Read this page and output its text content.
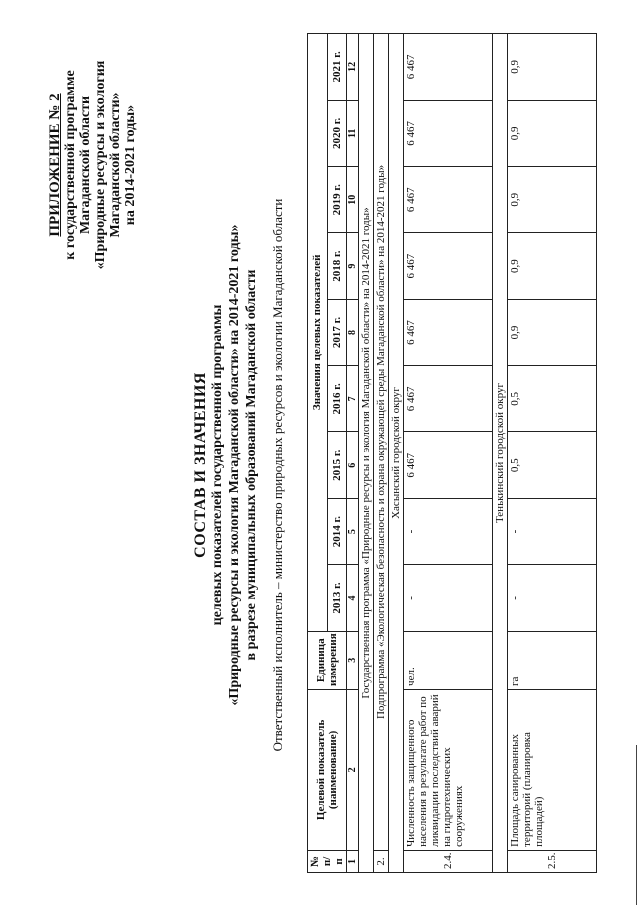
ПРИЛОЖЕНИЕ № 2 к государственной программе Магаданской области «Природные ресурсы и экология Магаданской области» на 2014-2021 годы»
СОСТАВ И ЗНАЧЕНИЯ целевых показателей государственной программы «Природные ресурсы и экология Магаданской области» на 2014-2021 годы» в разрезе муниципальных образований Магаданской области Ответственный исполнитель – министерство природных ресурсов и экологии Магаданской области
№ п/п	Целевой показатель (наименование)	Единица измерения	Значения целевых показателей								
			2013 г.	2014 г.	2015 г.	2016 г.	2017 г.	2018 г.	2019 г.	2020 г.	2021 г.
1	2	3	4	5	6	7	8	9	10	11	12
Государственная программа «Природные ресурсы и экология Магаданской области» на 2014-2021 годы»											
2.	Подпрограмма «Экологическая безопасность и охрана окружающей среды Магаданской области» на 2014-2021 годы»										
Хасынский городской округ											
2.4.	Численность защищенного населения в результате работ по ликвидации последствий аварий на гидротехнических сооружениях	чел.	-	-	6 467	6 467	6 467	6 467	6 467	6 467	6 467
Тенькинский городской округ											
2.5.	Площадь санированных территорий (планировка площадей)	га	-	-	0,5	0,5	0,9	0,9	0,9	0,9	0,9
